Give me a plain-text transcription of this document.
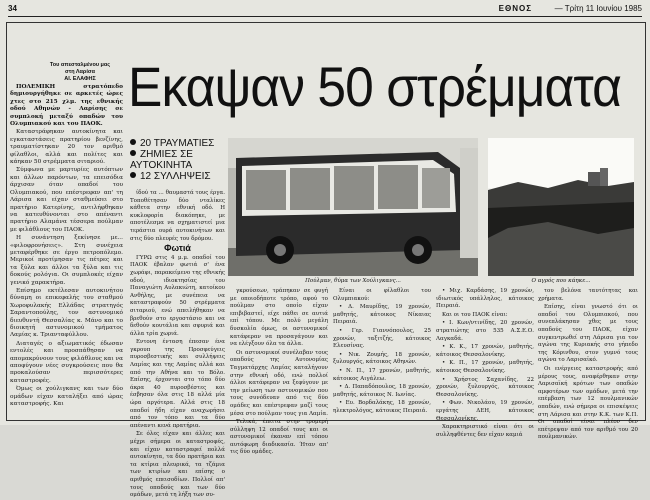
34	ΕΘΝΟΣ	— Τρίτη 11 Ιουνίου 1985
Του απεσταλμένου μας
στη Λαρίσα
ΑΙ. ΕΛΑΦΗΣ Εκαψαν 50 στρέμματα

ΠΟΛΕΜΙΚΗ στρατόπεδο δημιουργήθηκε σε αρκετές ώρες χτες στο 215 χλμ. της εθνικής οδού Αθηνών - Λαρίσης σε συμπλοκή μεταξύ οπαδών του Ολυμπιακού και του ΠΑΟΚ.

Καταστράφηκαν αυτοκίνητα και εγκαταστάσεις πρατηρίου βενζίνης, τραυματίστηκαν 20 τον αριθμό φίλαθλοι, αλλά και πολίτες και κάηκαν 50 στρέμματα σιταριού.

Σύμφωνα με μαρτυρίες αυτόπτων και άλλων παρόντων, τα επεισόδια άρχισαν όταν οπαδοί του Ολυμπιακού, που επέστρεφαν απ' τη Λάρισα και είχαν σταθμεύσει στο πρατήριο Κατερίνης, αντιλήφθηκαν να κατευθύνονται στο απέναντι πρατήριο Αλαμάνα τέσσερα πούλμαν με φιλάθλους του ΠΑΟΚ.

Η συνάντηση ξεκίνησε με... «φιλοφρονήσεις». Στη συνέχεια μεταφέρθηκε σε έργο πετροπόλεμο. Μερικοί προτίμησαν τις πέτρες και τα ξύλα και άλλοι τα ξύλα και τις δοκούς ρολόγια. Οι συμπλοκές είχαν γενικό χαρακτήρα.

Επίσημο εκτέλεσαν αυτοκινήτου δύναμη οι επικεφαλής του σταθμού Χωροφυλακής Ελλάδας στρατηγός Σαραντοπούλης, τον αστυνομικό διευθυντή Θεσσαλίας κ. Μάνο και το διοικητή αστυνομικού τμήματος Λαμίας κ. Τριανταφύλλου.

Διαταγές ο αξιωματικός έδωσαν εντολές και προσπάθησαν να απομακρύνουν τους φιλάθλους και να αποφύγουν νέες συγκρούσεις που θα προκαλούσαν περισσότερες καταστροφές.

Όμως οι χούλιγκανς και των δύο ομάδων είχαν καταλήξει από ώρας καταστροφής. Και

20 ΤΡΑΥΜΑΤΙΕΣ
ΖΗΜΙΕΣ ΣΕ ΑΥΤΟΚΙΝΗΤΑ
12 ΣΥΛΛΗΨΕΙΣ
Πούλμαν, θύμα των Χούλιγκανς...	Ο αγρός που κάηκε...

ίδού τα ... θαυμαστά τους έργα. Τοποθέτησαν δύο νταλίκες κάθετα στην εθνική οδό. Η κυκλοφορία διακόπηκε, με αποτέλεσμα να σχηματιστεί μια τεράστια ουρά αυτοκινήτων και στις δύο πλευρές του δρόμου.

Φωτιά

ΓΥΡΩ στις 4 μ.μ. οπαδοί του ΠΑΟΚ έβαλαν φωτιά σ' ένα χωράφι, παρακείμενο της εθνικής οδού, ιδιοκτησίας του Παναγιώτη Αυλακιώτη, κατοίκου Ανθήλης, με συνέπεια να καταστραφούν 50 στρέμματα σιταριού, ενώ απειλήθηκαν να βρεθούν στο εργοστάσιο και να δεθούν κουτάλια και σφυριά και άλλα τρία χωριά.

Εντονη ένταση έπεσαν ένα γκρουπ της Προσφεύγεις πυροσβεστικής και συλλήψεις Λαμίας και της Λαμίας αλλά και από την Αθήνα και το Βόλο. Επίσης, έρχονται στο τόπο δύο άκρα 40 πυροσβέστες και έσβησαν όλα στις 18 αλλά μία ώρα αργότερα. Αλλά στις 18 οπαδοί ήδη είχαν αναχωρήσει από τον τόπο και τα δύο απέναντι κενά πρατήρια.

Σε όλες είχαν και άλλες και μέχρι σήμερα οι καταστροφές, και είχαν καταστραφεί πολλά αυτοκίνητα, τα δύο πρατήρια και τα κτίρια πλευρικά, τα τζάμια των κτιρίων και επίσης ο αριθμός επεισοδίων. Πολλοί απ' τους οπαδούς και των δύο ομάδων, μετά τη λήξη των συ-

γκρούσεων, τράπηκαν σε φυγή με οποιοδήποτε τρόπο, αφού το πούλμαν στο οποίο είχαν επιβιβαστεί, είχε πάθει σε αυτιά επί τόπου. Με πολύ μεγάλη δυσκολία όμως, οι αστυνομικοί κατάφεραν να προσαγάγουν και να ελέγξουν όλα τα άλλα.

Οι αστυνομικοί συνέλαβαν τους οπαδούς της Αυτονομίας Ταγματάρχης Λαμίας καταλήγουν στην εθνική οδό, ενώ πολλοί άλλοι κατάφεραν να ξεφύγουν με την μείωση των αστυνομικών που τους συνόδευαν από τις δύο ομάδες και επέστρεφαν μαζί τους μέσα στο πούλμαν τους για Λαμία.

Τελικά, έπειτα στην τρομερή σύλληψη 12 οπαδοί τους και οι αστυνομικοί έκαναν επί τόπου αυτόφωρη διαδικασία. Ήταν απ' τις δύο ομάδες.

Είναι οι φίλαθλοι του Ολυμπιακού:

• Δ. Μαυρίδης, 19 χρονών, μαθητής, κάτοικος Νίκαιας Πειραιά.

• Γερ. Γιαννόπουλος, 25 χρονών, ταξιτζής, κάτοικος Ελευσίνας.

• Νικ. Ζουμής, 18 χρονών, ξυλουργός, κάτοικος Αθηνών.

• Ν. Π., 17 χρονών, μαθητής, κάτοικος Αιγάλεω.

• Δ. Παπαδόπουλος, 18 χρονών, μαθητής, κάτοικος Ν. Ιωνίας.

• Ευ. Βορδαλάκης, 18 χρονών, ηλεκτρολόγος, κάτοικος Πειραιά.

• Μιχ. Καρδάσης, 19 χρονών, ιδιωτικός υπάλληλος, κάτοικος Πειραιά.

Και οι του ΠΑΟΚ είναι:

• Ι. Κων/ντινίδης, 20 χρονών, στρατιώτης στο 535 Α.Σ.Ε.Ο. Λαγκαδά.

• Κ. Κ., 17 χρονών, μαθητής, κάτοικος Θεσσαλονίκης.

• Κ. Π., 17 χρονών, μαθητής, κάτοικος Θεσσαλονίκης.

• Χρήστος Σαχανίδης, 22 χρονών, ξυλουργός, κάτοικος Θεσσαλονίκης.

• Φων. Νικολάου, 19 χρονών, εργάτης ΔΕΗ, κάτοικος Θεσσαλονίκης.

Χαρακτηριστικό είναι ότι οι συλληφθέντες δεν είχαν καμιά

του βελόνα ταυτότητας και χρήματα.

Επίσης, είναι γνωστό ότι οι οπαδοί του Ολυμπιακού, που συνεπλάκησαν χθες με τους οπαδούς του ΠΑΟΚ, είχαν συγκεντρωθεί στη Λάρισα για τον αγώνα της Κυριακής στο γήπεδο της Κόρινθου, στον γυμνό τους αγώνα το Λαρισαϊκό.

Οι ενέργειες καταστροφής από μέρους τους, αναφέρθηκαν στην Λαρισαϊκή κρότων των οπαδών αμφοτέρων των ομάδων, μετά την επέμβαση των 12 πουλμανικών οπαδών, ενώ σήμερα οι επισκέψεις στη Λάρισα και στην Κ.Κ. των Κ.Π. Οι οπαδοί είναι πλέον δεν επέτρεψαν από τον αριθμό του 20 πουλμανικών.
